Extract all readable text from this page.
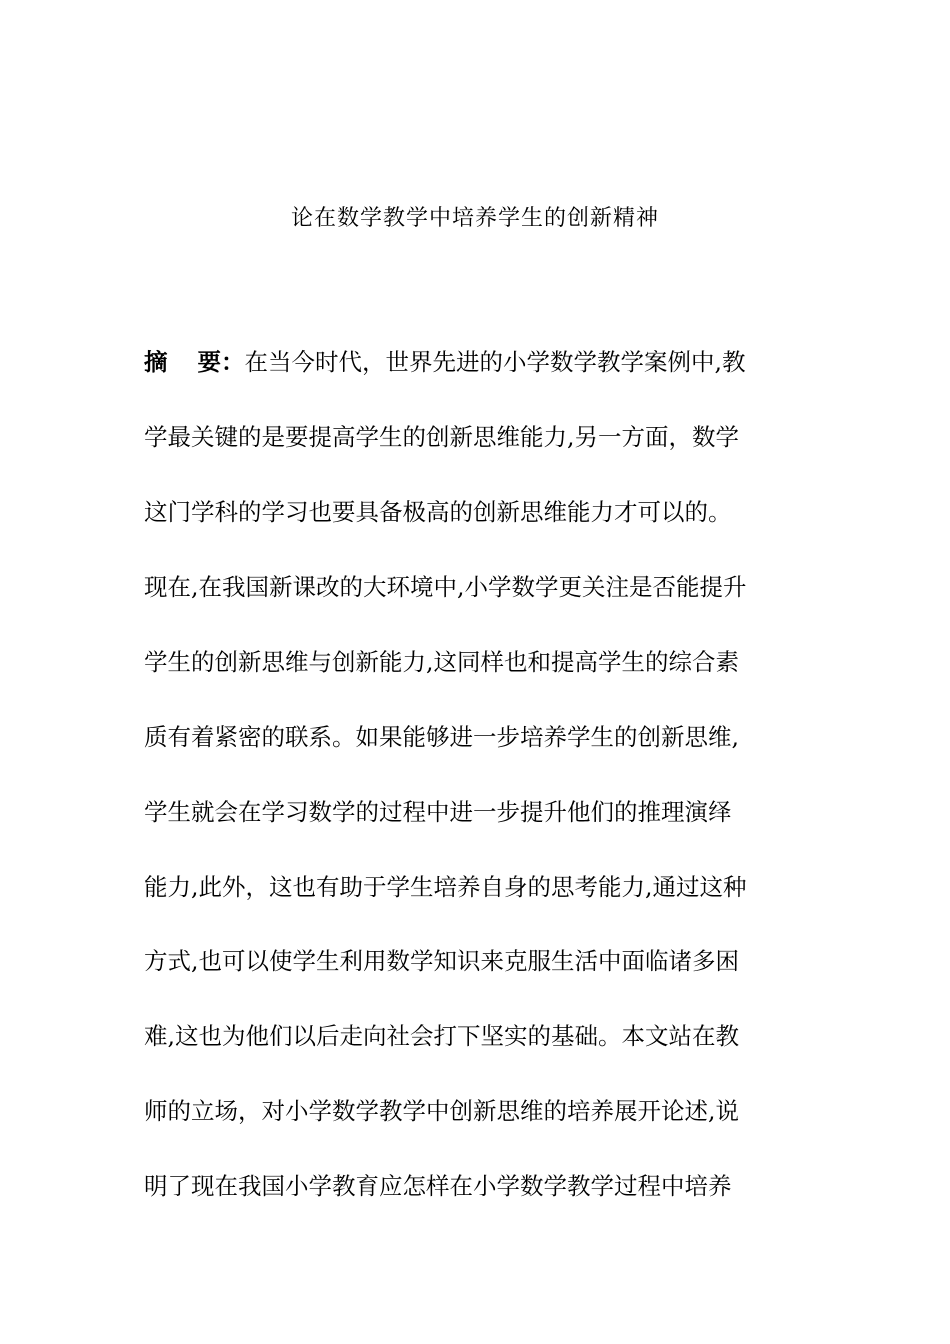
论在数学教学中培养学生的创新精神
摘 要：在当今时代，世界先进的小学数学教学案例中,教
学最关键的是要提高学生的创新思维能力,另一方面，数学
这门学科的学习也要具备极高的创新思维能力才可以的。
现在,在我国新课改的大环境中,小学数学更关注是否能提升
学生的创新思维与创新能力,这同样也和提高学生的综合素
质有着紧密的联系。如果能够进一步培养学生的创新思维,
学生就会在学习数学的过程中进一步提升他们的推理演绎
能力,此外，这也有助于学生培养自身的思考能力,通过这种
方式,也可以使学生利用数学知识来克服生活中面临诸多困
难,这也为他们以后走向社会打下坚实的基础。本文站在教
师的立场，对小学数学教学中创新思维的培养展开论述,说
明了现在我国小学教育应怎样在小学数学教学过程中培养
